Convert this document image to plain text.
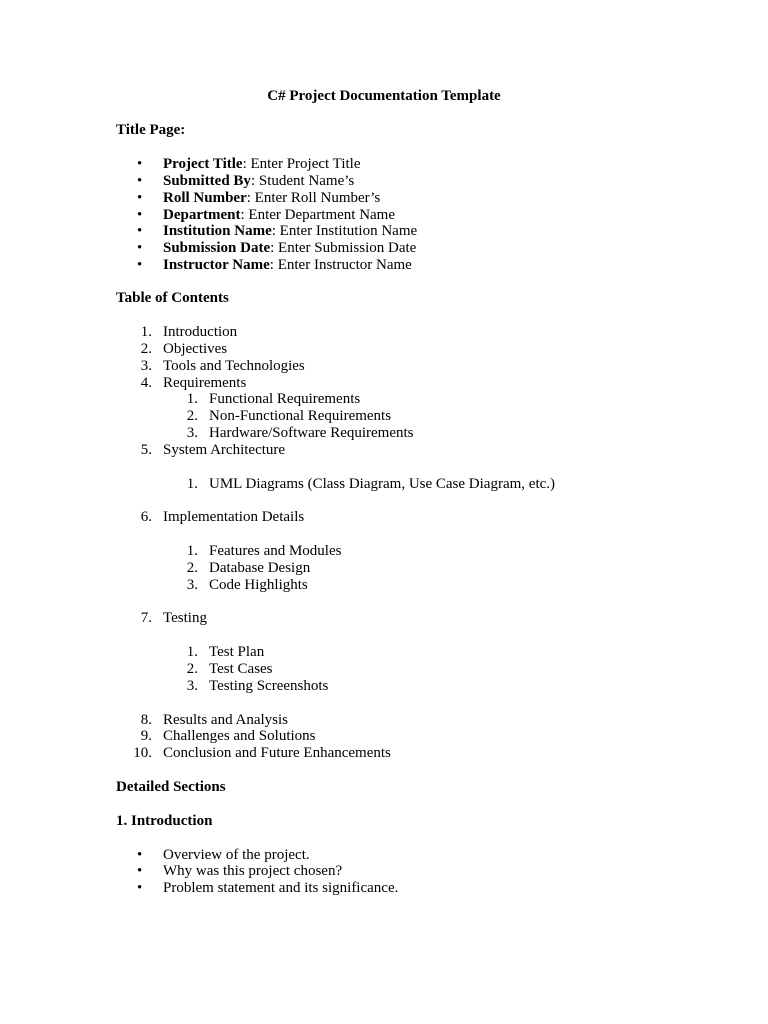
C# Project Documentation Template
Title Page:
• Project Title: Enter Project Title
• Submitted By: Student Name’s
• Roll Number: Enter Roll Number’s
• Department: Enter Department Name
• Institution Name: Enter Institution Name
• Submission Date: Enter Submission Date
• Instructor Name: Enter Instructor Name
Table of Contents
1. Introduction
2. Objectives
3. Tools and Technologies
4. Requirements
1. Functional Requirements
2. Non-Functional Requirements
3. Hardware/Software Requirements
5. System Architecture
1. UML Diagrams (Class Diagram, Use Case Diagram, etc.)
6. Implementation Details
1. Features and Modules
2. Database Design
3. Code Highlights
7. Testing
1. Test Plan
2. Test Cases
3. Testing Screenshots
8. Results and Analysis
9. Challenges and Solutions
10. Conclusion and Future Enhancements
Detailed Sections
1. Introduction
• Overview of the project.
• Why was this project chosen?
• Problem statement and its significance.
